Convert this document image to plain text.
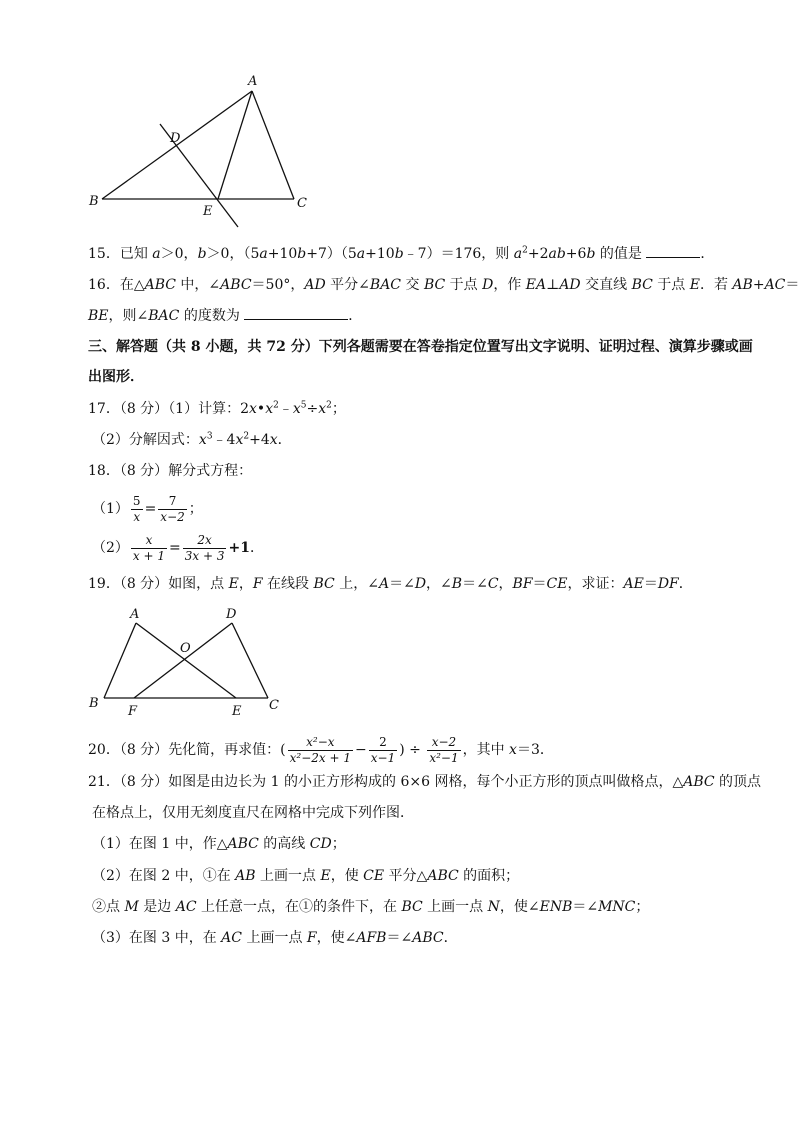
A
D
B
E
C
15．已知 a＞0，b＞0，（5a+10b+7）（5a+10b﹣7）＝176，则 $a^2+2ab+6b$ 的值是	．
16．在△ABC 中，∠ABC＝50°，AD 平分∠BAC 交 BC 于点 D，作 EA⊥AD 交直线 BC 于点 E．若 AB+AC＝
BE，则∠BAC 的度数为	．
三、解答题（共 8 小题，共 72 分）下列各题需要在答卷指定位置写出文字说明、证明过程、演算步骤或画
出图形．
17．（8 分）（1）计算：$2x•x^2﹣x^5\div x^2$；
（2）分解因式：$x^3﹣4x^2+4x$．
18．（8 分）解分式方程：
$(1) \frac{5}{x} = \frac{7}{x-2}$ ；
$(2) \frac{x}{x + 1} = \frac{2x}{3x + 3} +1$．
19．（8 分）如图，点 E，F 在线段 BC 上，∠A＝∠D，∠B＝∠C，BF＝CE，求证：AE＝DF．
A	D
O
B
F	E C
20．（8 分）先化简，再求值：( $\frac{\text{x²−x}}{\text{x²−2x + 1}} - \frac{2}{x-1}$ ) ÷ $\frac{x-2}{\text{x²−1}}$ ，其中 x＝3．
21．（8 分）如图是由边长为 1 的小正方形构成的 6×6 网格，每个小正方形的顶点叫做格点，△ABC 的顶点
在格点上，仅用无刻度直尺在网格中完成下列作图．
（1）在图 1 中，作△ABC 的高线 CD；
（2）在图 2 中，①在 AB 上画一点 E，使 CE 平分△ABC 的面积；
②点 M 是边 AC 上任意一点，在①的条件下，在 BC 上画一点 N，使∠ENB＝∠MNC；
（3）在图 3 中，在 AC 上画一点 F，使∠AFB＝∠ABC．
